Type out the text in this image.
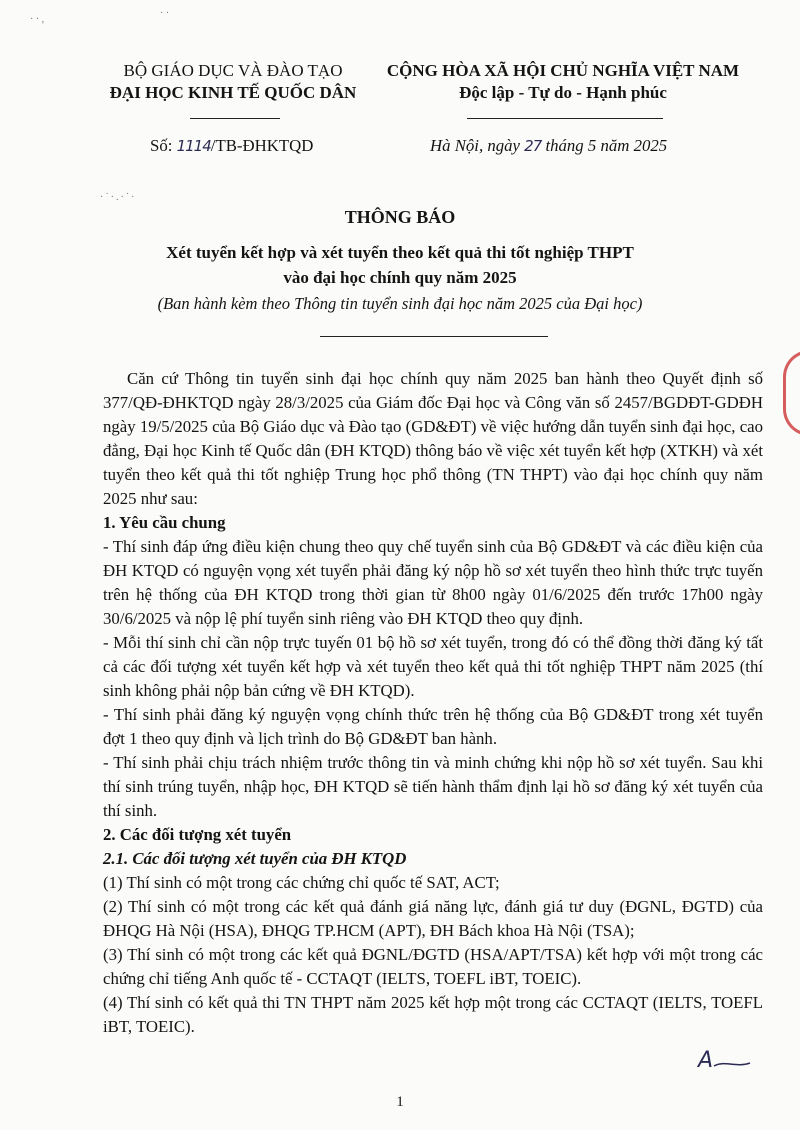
· · ,
· ·
·˙·.·˙·
BỘ GIÁO DỤC VÀ ĐÀO TẠO
ĐẠI HỌC KINH TẾ QUỐC DÂN
Số: 1114/TB-ĐHKTQD
CỘNG HÒA XÃ HỘI CHỦ NGHĨA VIỆT NAM
Độc lập - Tự do - Hạnh phúc
Hà Nội, ngày 27 tháng 5 năm 2025
THÔNG BÁO
Xét tuyển kết hợp và xét tuyển theo kết quả thi tốt nghiệp THPT
vào đại học chính quy năm 2025
(Ban hành kèm theo Thông tin tuyển sinh đại học năm 2025 của Đại học)

Căn cứ Thông tin tuyển sinh đại học chính quy năm 2025 ban hành theo Quyết định số 377/QĐ-ĐHKTQD ngày 28/3/2025 của Giám đốc Đại học và Công văn số 2457/BGDĐT-GDĐH ngày 19/5/2025 của Bộ Giáo dục và Đào tạo (GD&ĐT) về việc hướng dẫn tuyển sinh đại học, cao đẳng, Đại học Kinh tế Quốc dân (ĐH KTQD) thông báo về việc xét tuyển kết hợp (XTKH) và xét tuyển theo kết quả thi tốt nghiệp Trung học phổ thông (TN THPT) vào đại học chính quy năm 2025 như sau:

1. Yêu cầu chung

- Thí sinh đáp ứng điều kiện chung theo quy chế tuyển sinh của Bộ GD&ĐT và các điều kiện của ĐH KTQD có nguyện vọng xét tuyển phải đăng ký nộp hồ sơ xét tuyển theo hình thức trực tuyến trên hệ thống của ĐH KTQD trong thời gian từ 8h00 ngày 01/6/2025 đến trước 17h00 ngày 30/6/2025 và nộp lệ phí tuyển sinh riêng vào ĐH KTQD theo quy định.

- Mỗi thí sinh chỉ cần nộp trực tuyến 01 bộ hồ sơ xét tuyển, trong đó có thể đồng thời đăng ký tất cả các đối tượng xét tuyển kết hợp và xét tuyển theo kết quả thi tốt nghiệp THPT năm 2025 (thí sinh không phải nộp bản cứng về ĐH KTQD).

- Thí sinh phải đăng ký nguyện vọng chính thức trên hệ thống của Bộ GD&ĐT trong xét tuyển đợt 1 theo quy định và lịch trình do Bộ GD&ĐT ban hành.

- Thí sinh phải chịu trách nhiệm trước thông tin và minh chứng khi nộp hồ sơ xét tuyển. Sau khi thí sinh trúng tuyển, nhập học, ĐH KTQD sẽ tiến hành thẩm định lại hồ sơ đăng ký xét tuyển của thí sinh.

2. Các đối tượng xét tuyển

2.1. Các đối tượng xét tuyển của ĐH KTQD

(1) Thí sinh có một trong các chứng chỉ quốc tế SAT, ACT;

(2) Thí sinh có một trong các kết quả đánh giá năng lực, đánh giá tư duy (ĐGNL, ĐGTD) của ĐHQG Hà Nội (HSA), ĐHQG TP.HCM (APT), ĐH Bách khoa Hà Nội (TSA);

(3) Thí sinh có một trong các kết quả ĐGNL/ĐGTD (HSA/APT/TSA) kết hợp với một trong các chứng chỉ tiếng Anh quốc tế - CCTAQT (IELTS, TOEFL iBT, TOEIC).

(4) Thí sinh có kết quả thi TN THPT năm 2025 kết hợp một trong các CCTAQT (IELTS, TOEFL iBT, TOEIC).

A
1
